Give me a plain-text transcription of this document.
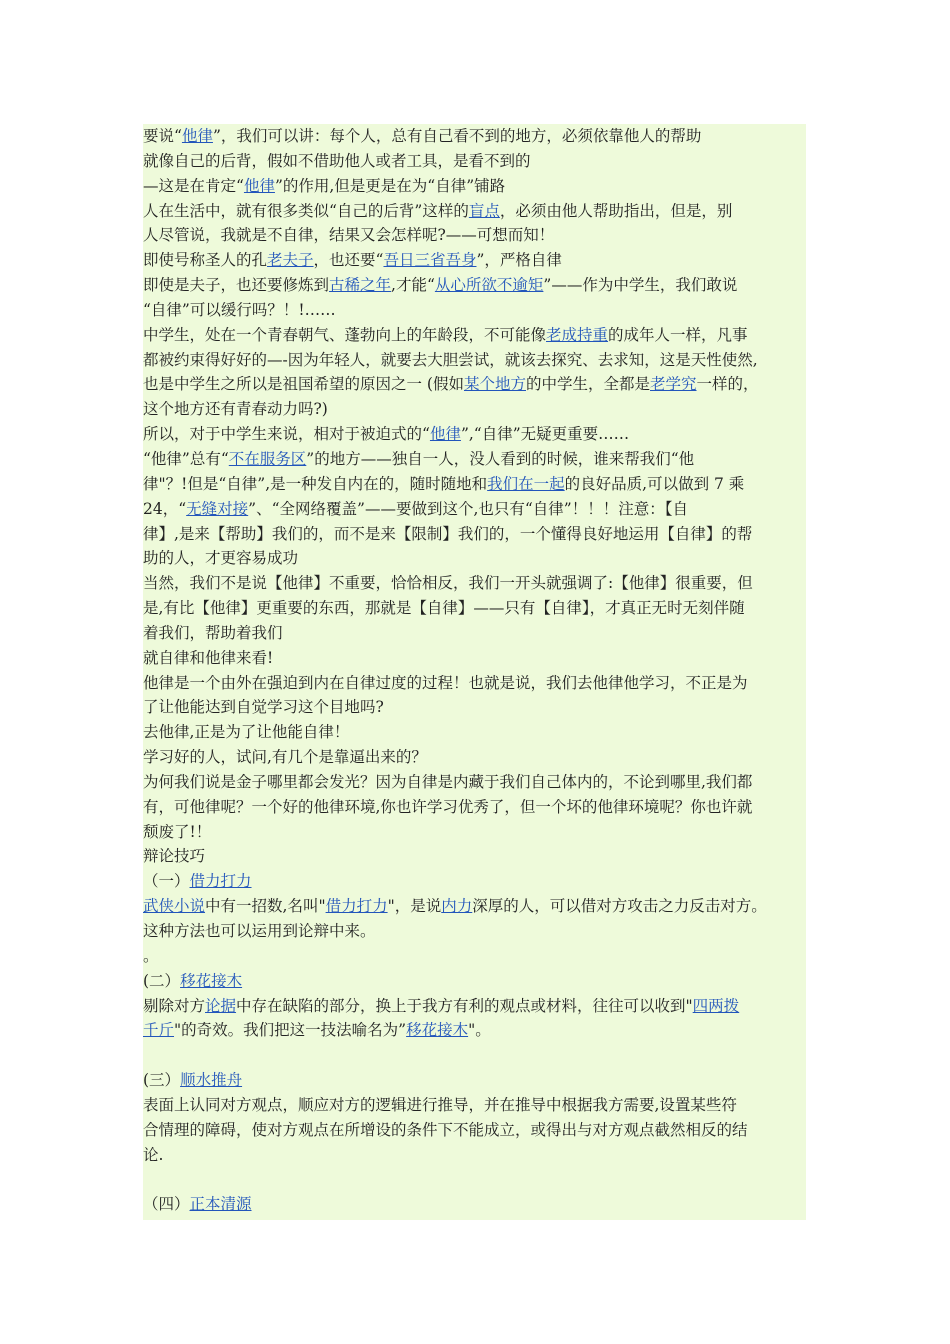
要说“他律”，我们可以讲：每个人，总有自己看不到的地方，必须依靠他人的帮助
就像自己的后背，假如不借助他人或者工具，是看不到的
—这是在肯定“他律”的作用,但是更是在为“自律”铺路
人在生活中，就有很多类似“自己的后背”这样的盲点，必须由他人帮助指出，但是，别
人尽管说，我就是不自律，结果又会怎样呢?——可想而知！
即使号称圣人的孔老夫子，也还要“吾日三省吾身”，严格自律
即使是夫子，也还要修炼到古稀之年,才能“从心所欲不逾矩”——作为中学生，我们敢说
“自律”可以缓行吗？！!……
中学生，处在一个青春朝气、蓬勃向上的年龄段，不可能像老成持重的成年人一样，凡事
都被约束得好好的—-因为年轻人，就要去大胆尝试，就该去探究、去求知，这是天性使然,
也是中学生之所以是祖国希望的原因之一 (假如某个地方的中学生，全都是老学究一样的，
这个地方还有青春动力吗?)
所以，对于中学生来说，相对于被迫式的“他律”,“自律”无疑更重要……
“他律”总有“不在服务区”的地方——独自一人，没人看到的时候，谁来帮我们“他
律"？!但是“自律”,是一种发自内在的，随时随地和我们在一起的良好品质,可以做到 7 乘
24，“无缝对接”、“全网络覆盖”——要做到这个,也只有“自律”！！！注意：【自
律】,是来【帮助】我们的，而不是来【限制】我们的，一个懂得良好地运用【自律】的帮
助的人，才更容易成功
当然，我们不是说【他律】不重要，恰恰相反，我们一开头就强调了:【他律】很重要，但
是,有比【他律】更重要的东西，那就是【自律】——只有【自律】，才真正无时无刻伴随
着我们，帮助着我们
就自律和他律来看!
他律是一个由外在强迫到内在自律过度的过程！也就是说，我们去他律他学习，不正是为
了让他能达到自觉学习这个目地吗?
去他律,正是为了让他能自律！
学习好的人，试问,有几个是靠逼出来的？
为何我们说是金子哪里都会发光？因为自律是内藏于我们自己体内的，不论到哪里,我们都
有，可他律呢？一个好的他律环境,你也许学习优秀了，但一个坏的他律环境呢？你也许就
颓废了!！
辩论技巧
（一）借力打力
武侠小说中有一招数,名叫"借力打力"，是说内力深厚的人，可以借对方攻击之力反击对方。
这种方法也可以运用到论辩中来。
。
(二）移花接木
剔除对方论据中存在缺陷的部分，换上于我方有利的观点或材料，往往可以收到"四两拨
千斤"的奇效。我们把这一技法喻名为”移花接木"。
(三）顺水推舟
表面上认同对方观点，顺应对方的逻辑进行推导，并在推导中根据我方需要,设置某些符
合情理的障碍，使对方观点在所增设的条件下不能成立，或得出与对方观点截然相反的结
论.
（四）正本清源
